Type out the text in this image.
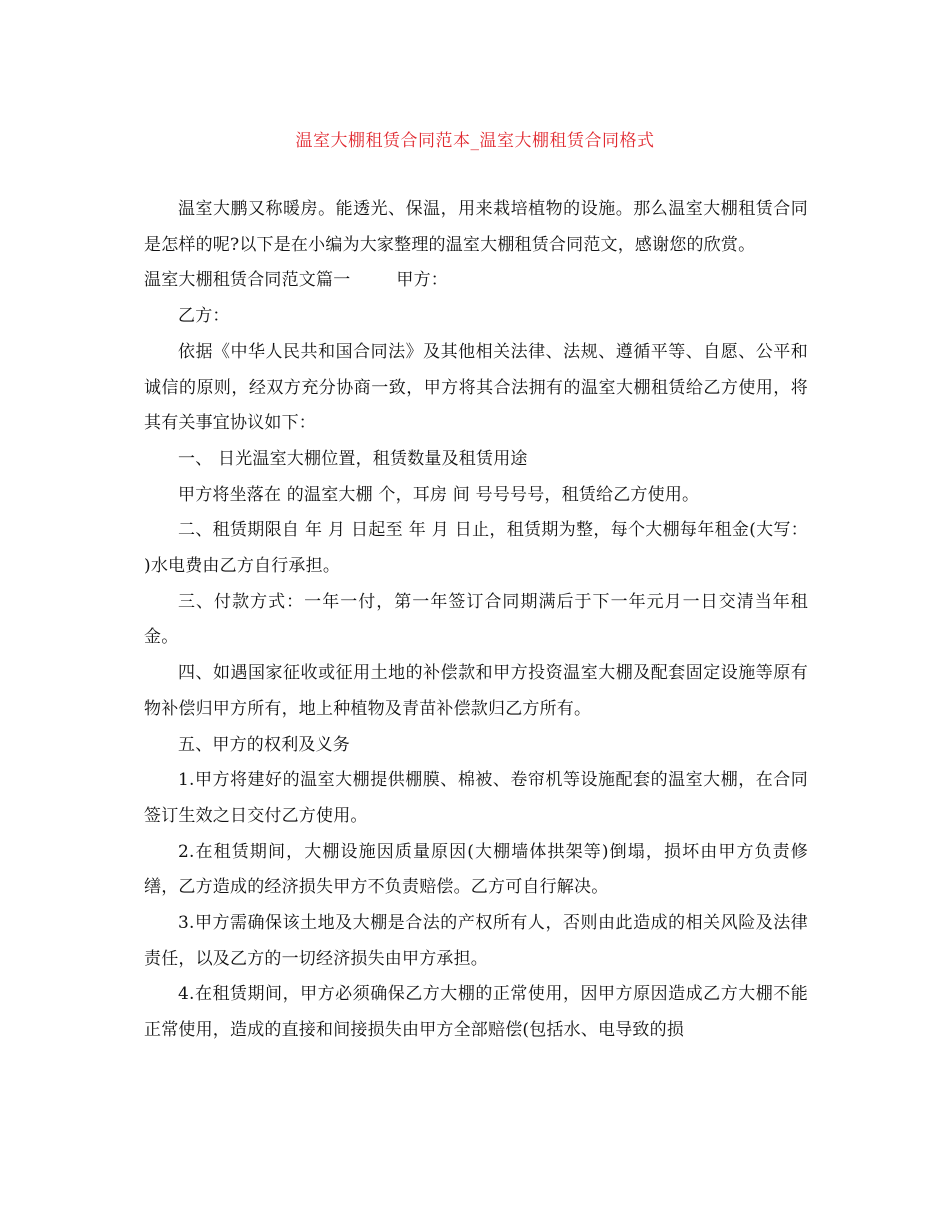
温室大棚租赁合同范本_温室大棚租赁合同格式

温室大鹏又称暖房。能透光、保温，用来栽培植物的设施。那么温室大棚租赁合同是怎样的呢?以下是在小编为大家整理的温室大棚租赁合同范文，感谢您的欣赏。

温室大棚租赁合同范文篇一	甲方：

乙方：

依据《中华人民共和国合同法》及其他相关法律、法规、遵循平等、自愿、公平和诚信的原则，经双方充分协商一致，甲方将其合法拥有的温室大棚租赁给乙方使用，将其有关事宜协议如下：

一、 日光温室大棚位置，租赁数量及租赁用途

甲方将坐落在 的温室大棚 个，耳房 间 号号号号，租赁给乙方使用。

二、租赁期限自 年 月 日起至 年 月 日止，租赁期为整，每个大棚每年租金(大写： )水电费由乙方自行承担。

三、付款方式：一年一付，第一年签订合同期满后于下一年元月一日交清当年租金。

四、如遇国家征收或征用土地的补偿款和甲方投资温室大棚及配套固定设施等原有物补偿归甲方所有，地上种植物及青苗补偿款归乙方所有。

五、甲方的权利及义务

1.甲方将建好的温室大棚提供棚膜、棉被、卷帘机等设施配套的温室大棚，在合同签订生效之日交付乙方使用。

2.在租赁期间，大棚设施因质量原因(大棚墙体拱架等)倒塌，损坏由甲方负责修缮，乙方造成的经济损失甲方不负责赔偿。乙方可自行解决。

3.甲方需确保该土地及大棚是合法的产权所有人，否则由此造成的相关风险及法律责任，以及乙方的一切经济损失由甲方承担。

4.在租赁期间，甲方必须确保乙方大棚的正常使用，因甲方原因造成乙方大棚不能正常使用，造成的直接和间接损失由甲方全部赔偿(包括水、电导致的损
